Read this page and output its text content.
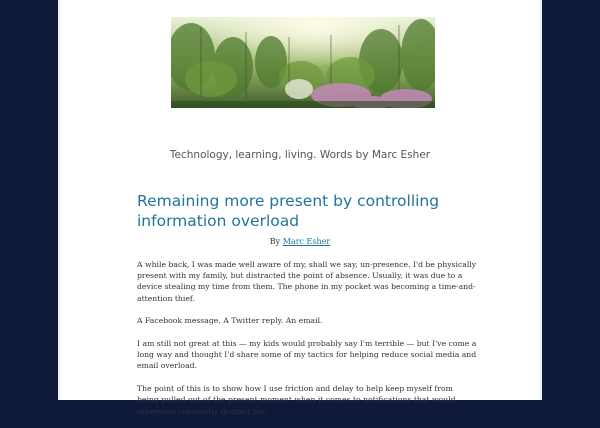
Technology, learning, living. Words by Marc Esher
Remaining more present by controlling information overload
By Marc Esher

A while back, I was made well aware of my, shall we say, un-presence. I'd be physically present with my family, but distracted the point of absence. Usually, it was due to a device stealing my time from them. The phone in my pocket was becoming a time-and-attention thief.

A Facebook message. A Twitter reply. An email.

I am still not great at this — my kids would probably say I'm terrible — but I've come a long way and thought I'd share some of my tactics for helping reduce social media and email overload.

The point of this is to show how I use friction and delay to help keep myself from being pulled out of the present moment when it comes to notifications that would otherwise constantly distract me.
